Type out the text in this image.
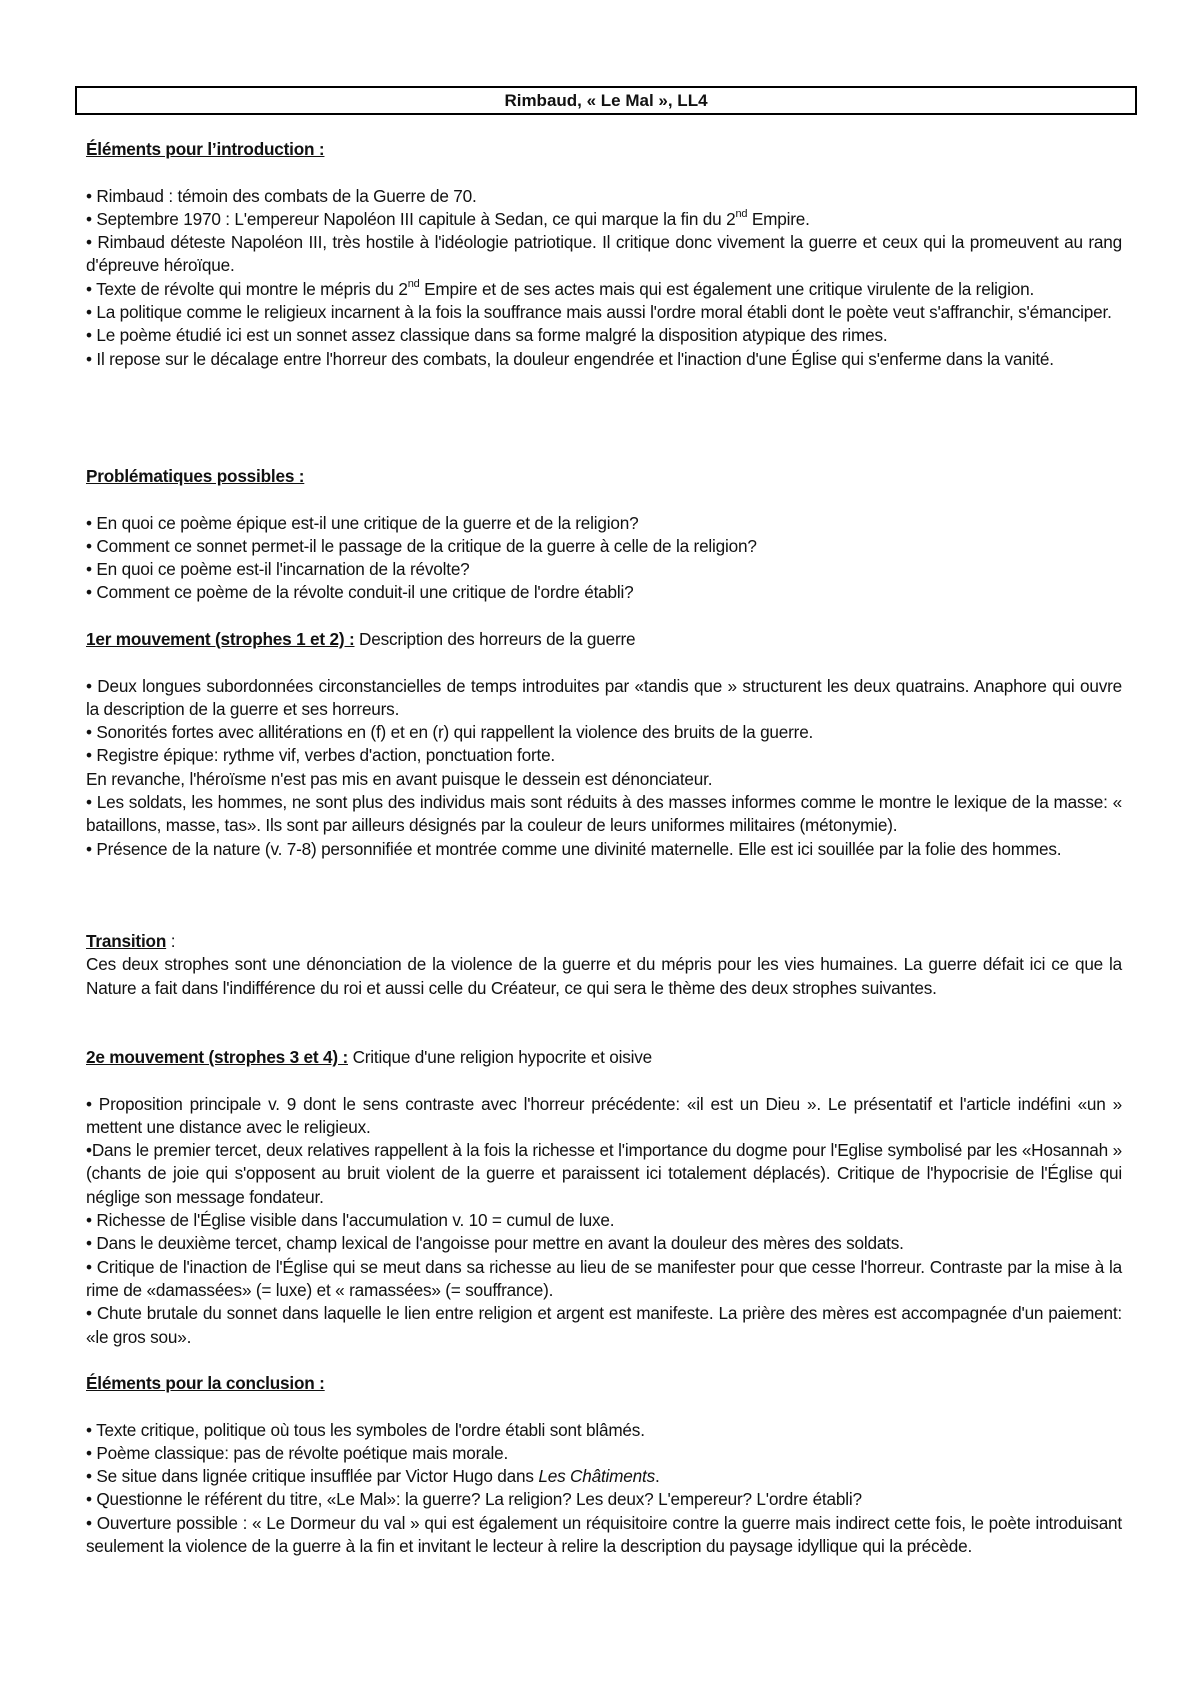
Rimbaud, « Le Mal », LL4
Éléments pour l’introduction :

• Rimbaud : témoin des combats de la Guerre de 70.

• Septembre 1970 : L'empereur Napoléon III capitule à Sedan, ce qui marque la fin du 2nd Empire.

• Rimbaud déteste Napoléon III, très hostile à l'idéologie patriotique. Il critique donc vivement la guerre et ceux qui la promeuvent au rang d'épreuve héroïque.

• Texte de révolte qui montre le mépris du 2nd Empire et de ses actes mais qui est également une critique virulente de la religion.

• La politique comme le religieux incarnent à la fois la souffrance mais aussi l'ordre moral établi dont le poète veut s'affranchir, s'émanciper.

• Le poème étudié ici est un sonnet assez classique dans sa forme malgré la disposition atypique des rimes.

• Il repose sur le décalage entre l'horreur des combats, la douleur engendrée et l'inaction d'une Église qui s'enferme dans la vanité.

Problématiques possibles :

• En quoi ce poème épique est-il une critique de la guerre et de la religion?

• Comment ce sonnet permet-il le passage de la critique de la guerre à celle de la religion?

• En quoi ce poème est-il l'incarnation de la révolte?

• Comment ce poème de la révolte conduit-il une critique de l'ordre établi?

1er mouvement (strophes 1 et 2) : Description des horreurs de la guerre

• Deux longues subordonnées circonstancielles de temps introduites par «tandis que » structurent les deux quatrains. Anaphore qui ouvre la description de la guerre et ses horreurs.

• Sonorités fortes avec allitérations en (f) et en (r) qui rappellent la violence des bruits de la guerre.

• Registre épique: rythme vif, verbes d'action, ponctuation forte.

En revanche, l'héroïsme n'est pas mis en avant puisque le dessein est dénonciateur.

• Les soldats, les hommes, ne sont plus des individus mais sont réduits à des masses informes comme le montre le lexique de la masse: « bataillons, masse, tas». Ils sont par ailleurs désignés par la couleur de leurs uniformes militaires (métonymie).

• Présence de la nature (v. 7-8) personnifiée et montrée comme une divinité maternelle. Elle est ici souillée par la folie des hommes.

Transition :

Ces deux strophes sont une dénonciation de la violence de la guerre et du mépris pour les vies humaines. La guerre défait ici ce que la Nature a fait dans l'indifférence du roi et aussi celle du Créateur, ce qui sera le thème des deux strophes suivantes.

2e mouvement (strophes 3 et 4) : Critique d'une religion hypocrite et oisive

• Proposition principale v. 9 dont le sens contraste avec l'horreur précédente: «il est un Dieu ». Le présentatif et l'article indéfini «un » mettent une distance avec le religieux.

•Dans le premier tercet, deux relatives rappellent à la fois la richesse et l'importance du dogme pour l'Eglise symbolisé par les «Hosannah » (chants de joie qui s'opposent au bruit violent de la guerre et paraissent ici totalement déplacés). Critique de l'hypocrisie de l'Église qui néglige son message fondateur.

• Richesse de l'Église visible dans l'accumulation v. 10 = cumul de luxe.

• Dans le deuxième tercet, champ lexical de l'angoisse pour mettre en avant la douleur des mères des soldats.

• Critique de l'inaction de l'Église qui se meut dans sa richesse au lieu de se manifester pour que cesse l'horreur. Contraste par la mise à la rime de «damassées» (= luxe) et « ramassées» (= souffrance).

• Chute brutale du sonnet dans laquelle le lien entre religion et argent est manifeste. La prière des mères est accompagnée d'un paiement: «le gros sou».

Éléments pour la conclusion :

• Texte critique, politique où tous les symboles de l'ordre établi sont blâmés.

• Poème classique: pas de révolte poétique mais morale.

• Se situe dans lignée critique insufflée par Victor Hugo dans Les Châtiments.

• Questionne le référent du titre, «Le Mal»: la guerre? La religion? Les deux? L'empereur? L'ordre établi?

• Ouverture possible : « Le Dormeur du val » qui est également un réquisitoire contre la guerre mais indirect cette fois, le poète introduisant seulement la violence de la guerre à la fin et invitant le lecteur à relire la description du paysage idyllique qui la précède.
